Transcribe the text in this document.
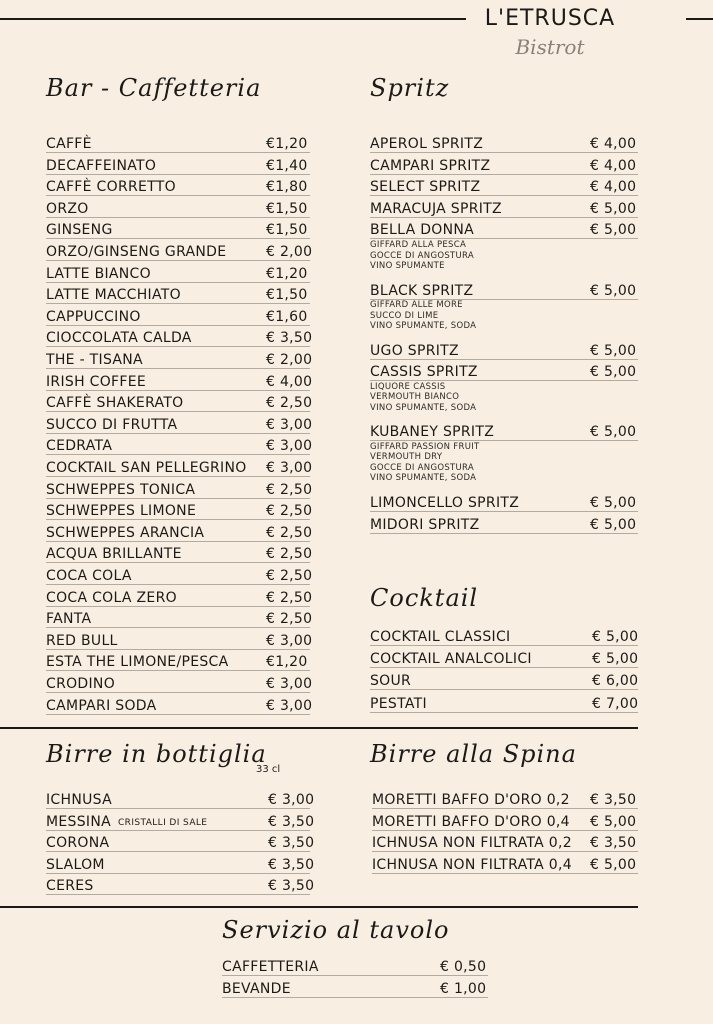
L'ETRUSCA
Bistrot
Bar - Caffetteria	Spritz
Cocktail
Birre in bottiglia
33 cl
Birre alla Spina
Servizio al tavolo
CAFFÈ	€1,20
DECAFFEINATO	€1,40
CAFFÈ CORRETTO	€1,80
ORZO	€1,50
GINSENG	€1,50
ORZO/GINSENG GRANDE	€ 2,00
LATTE BIANCO	€1,20
LATTE MACCHIATO	€1,50
CAPPUCCINO	€1,60
CIOCCOLATA CALDA	€ 3,50
THE - TISANA	€ 2,00
IRISH COFFEE	€ 4,00
CAFFÈ SHAKERATO	€ 2,50
SUCCO DI FRUTTA	€ 3,00
CEDRATA	€ 3,00
COCKTAIL SAN PELLEGRINO € 3,00
SCHWEPPES TONICA	€ 2,50
SCHWEPPES LIMONE	€ 2,50
SCHWEPPES ARANCIA	€ 2,50
ACQUA BRILLANTE	€ 2,50
COCA COLA	€ 2,50
COCA COLA ZERO	€ 2,50
FANTA	€ 2,50
RED BULL	€ 3,00
ESTA THE LIMONE/PESCA	€1,20
CRODINO	€ 3,00
CAMPARI SODA	€ 3,00
APEROL SPRITZ	€ 4,00
CAMPARI SPRITZ	€ 4,00
SELECT SPRITZ	€ 4,00
MARACUJA SPRITZ	€ 5,00
BELLA DONNA	€ 5,00
GIFFARD ALLA PESCA
GOCCE DI ANGOSTURA
VINO SPUMANTE
BLACK SPRITZ	€ 5,00
GIFFARD ALLE MORE
SUCCO DI LIME
VINO SPUMANTE, SODA
UGO SPRITZ	€ 5,00
CASSIS SPRITZ	€ 5,00
LIQUORE CASSIS
VERMOUTH BIANCO
VINO SPUMANTE, SODA
KUBANEY SPRITZ	€ 5,00
GIFFARD PASSION FRUIT
VERMOUTH DRY
GOCCE DI ANGOSTURA
VINO SPUMANTE, SODA
LIMONCELLO SPRITZ	€ 5,00
MIDORI SPRITZ	€ 5,00
COCKTAIL CLASSICI	€ 5,00
COCKTAIL ANALCOLICI	€ 5,00
SOUR	€ 6,00
PESTATI	€ 7,00
ICHNUSA	€ 3,00
MESSINA CRISTALLI DI SALE	€ 3,50
CORONA	€ 3,50
SLALOM	€ 3,50
CERES	€ 3,50
MORETTI BAFFO D'ORO 0,2 € 3,50
MORETTI BAFFO D'ORO 0,4 € 5,00
ICHNUSA NON FILTRATA 0,2 € 3,50
ICHNUSA NON FILTRATA 0,4 € 5,00
CAFFETTERIA	€ 0,50
BEVANDE	€ 1,00
